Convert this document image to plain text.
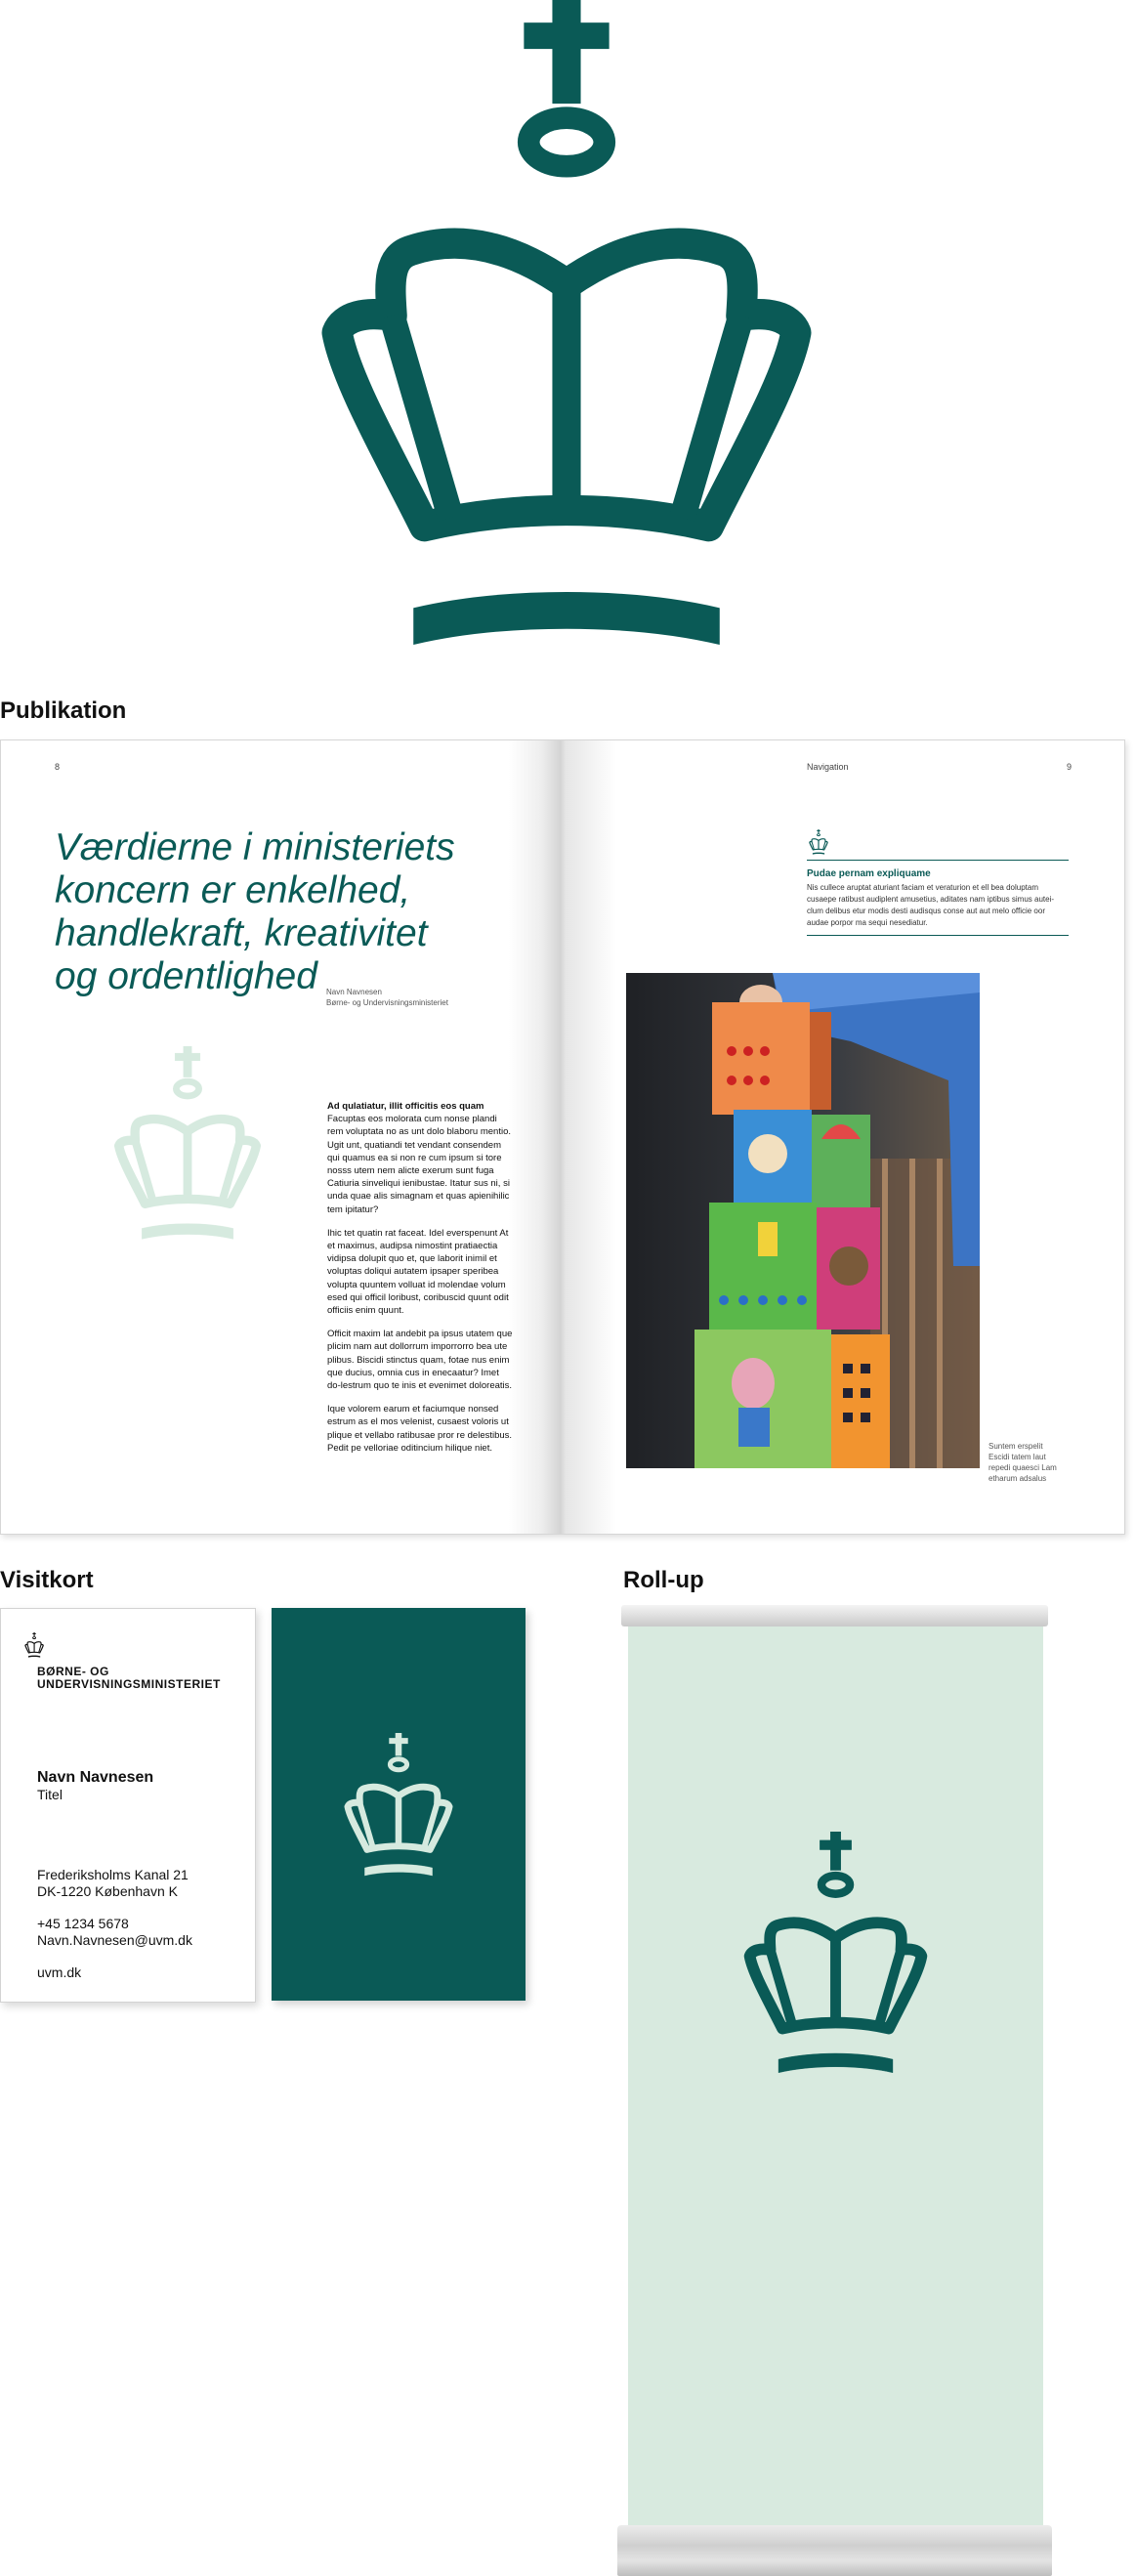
Publikation
8	Navigation	9
Værdierne i ministeriets
koncern er enkelhed,
handlekraft, kreativitet
og ordentlighed	Navn Navnesen
Børne- og Undervisningsministeriet

Ad qulatiatur, illit officitis eos quam
Facuptas eos molorata cum nonse plandi rem voluptata no as unt dolo blaboru mentio. Ugit unt, quatiandi tet vendant consendem qui quamus ea si non re cum ipsum si tore nosss utem nem alicte exerum sunt fuga Catiuria sinveliqui ienibustae. Itatur sus ni, si unda quae alis simagnam et quas apienihilic tem ipitatur?

Ihic tet quatin rat faceat. Idel everspenunt At et maximus, audipsa nimostint pratiaectia vidipsa dolupit quo et, que laborit inimil et voluptas doliqui autatem ipsaper speribea volupta quuntem volluat id molendae volum esed qui officil loribust, coribuscid quunt odit officiis enim quunt.

Officit maxim lat andebit pa ipsus utatem que plicim nam aut dollorrum imporrorro bea ute plibus. Biscidi stinctus quam, fotae nus enim que ducius, omnia cus in enecaatur? Imet do-lestrum quo te inis et evenimet doloreatis.

Ique volorem earum et faciumque nonsed estrum as el mos velenist, cusaest voloris ut plique et vellabo ratibusae pror re delestibus. Pedit pe velloriae oditincium hilique niet.

Pudae pernam expliquame
Nis cullece aruptat aturiant faciam et veraturion et ell bea doluptam cusaepe ratibust audiplent amusetius, aditates nam iptibus simus autei-clum delibus etur modis desti audisqus conse aut aut melo officie oor audae porpor ma sequi nesediatur.
Suntem erspelit Escidi tatem laut repedi quaesci Lam etharum adsalus
Visitkort
BØRNE- OG
UNDERVISNINGSMINISTERIET
Navn Navnesen
Titel
Frederiksholms Kanal 21
DK-1220 København K
+45 1234 5678
Navn.Navnesen@uvm.dk
uvm.dk
Roll-up
